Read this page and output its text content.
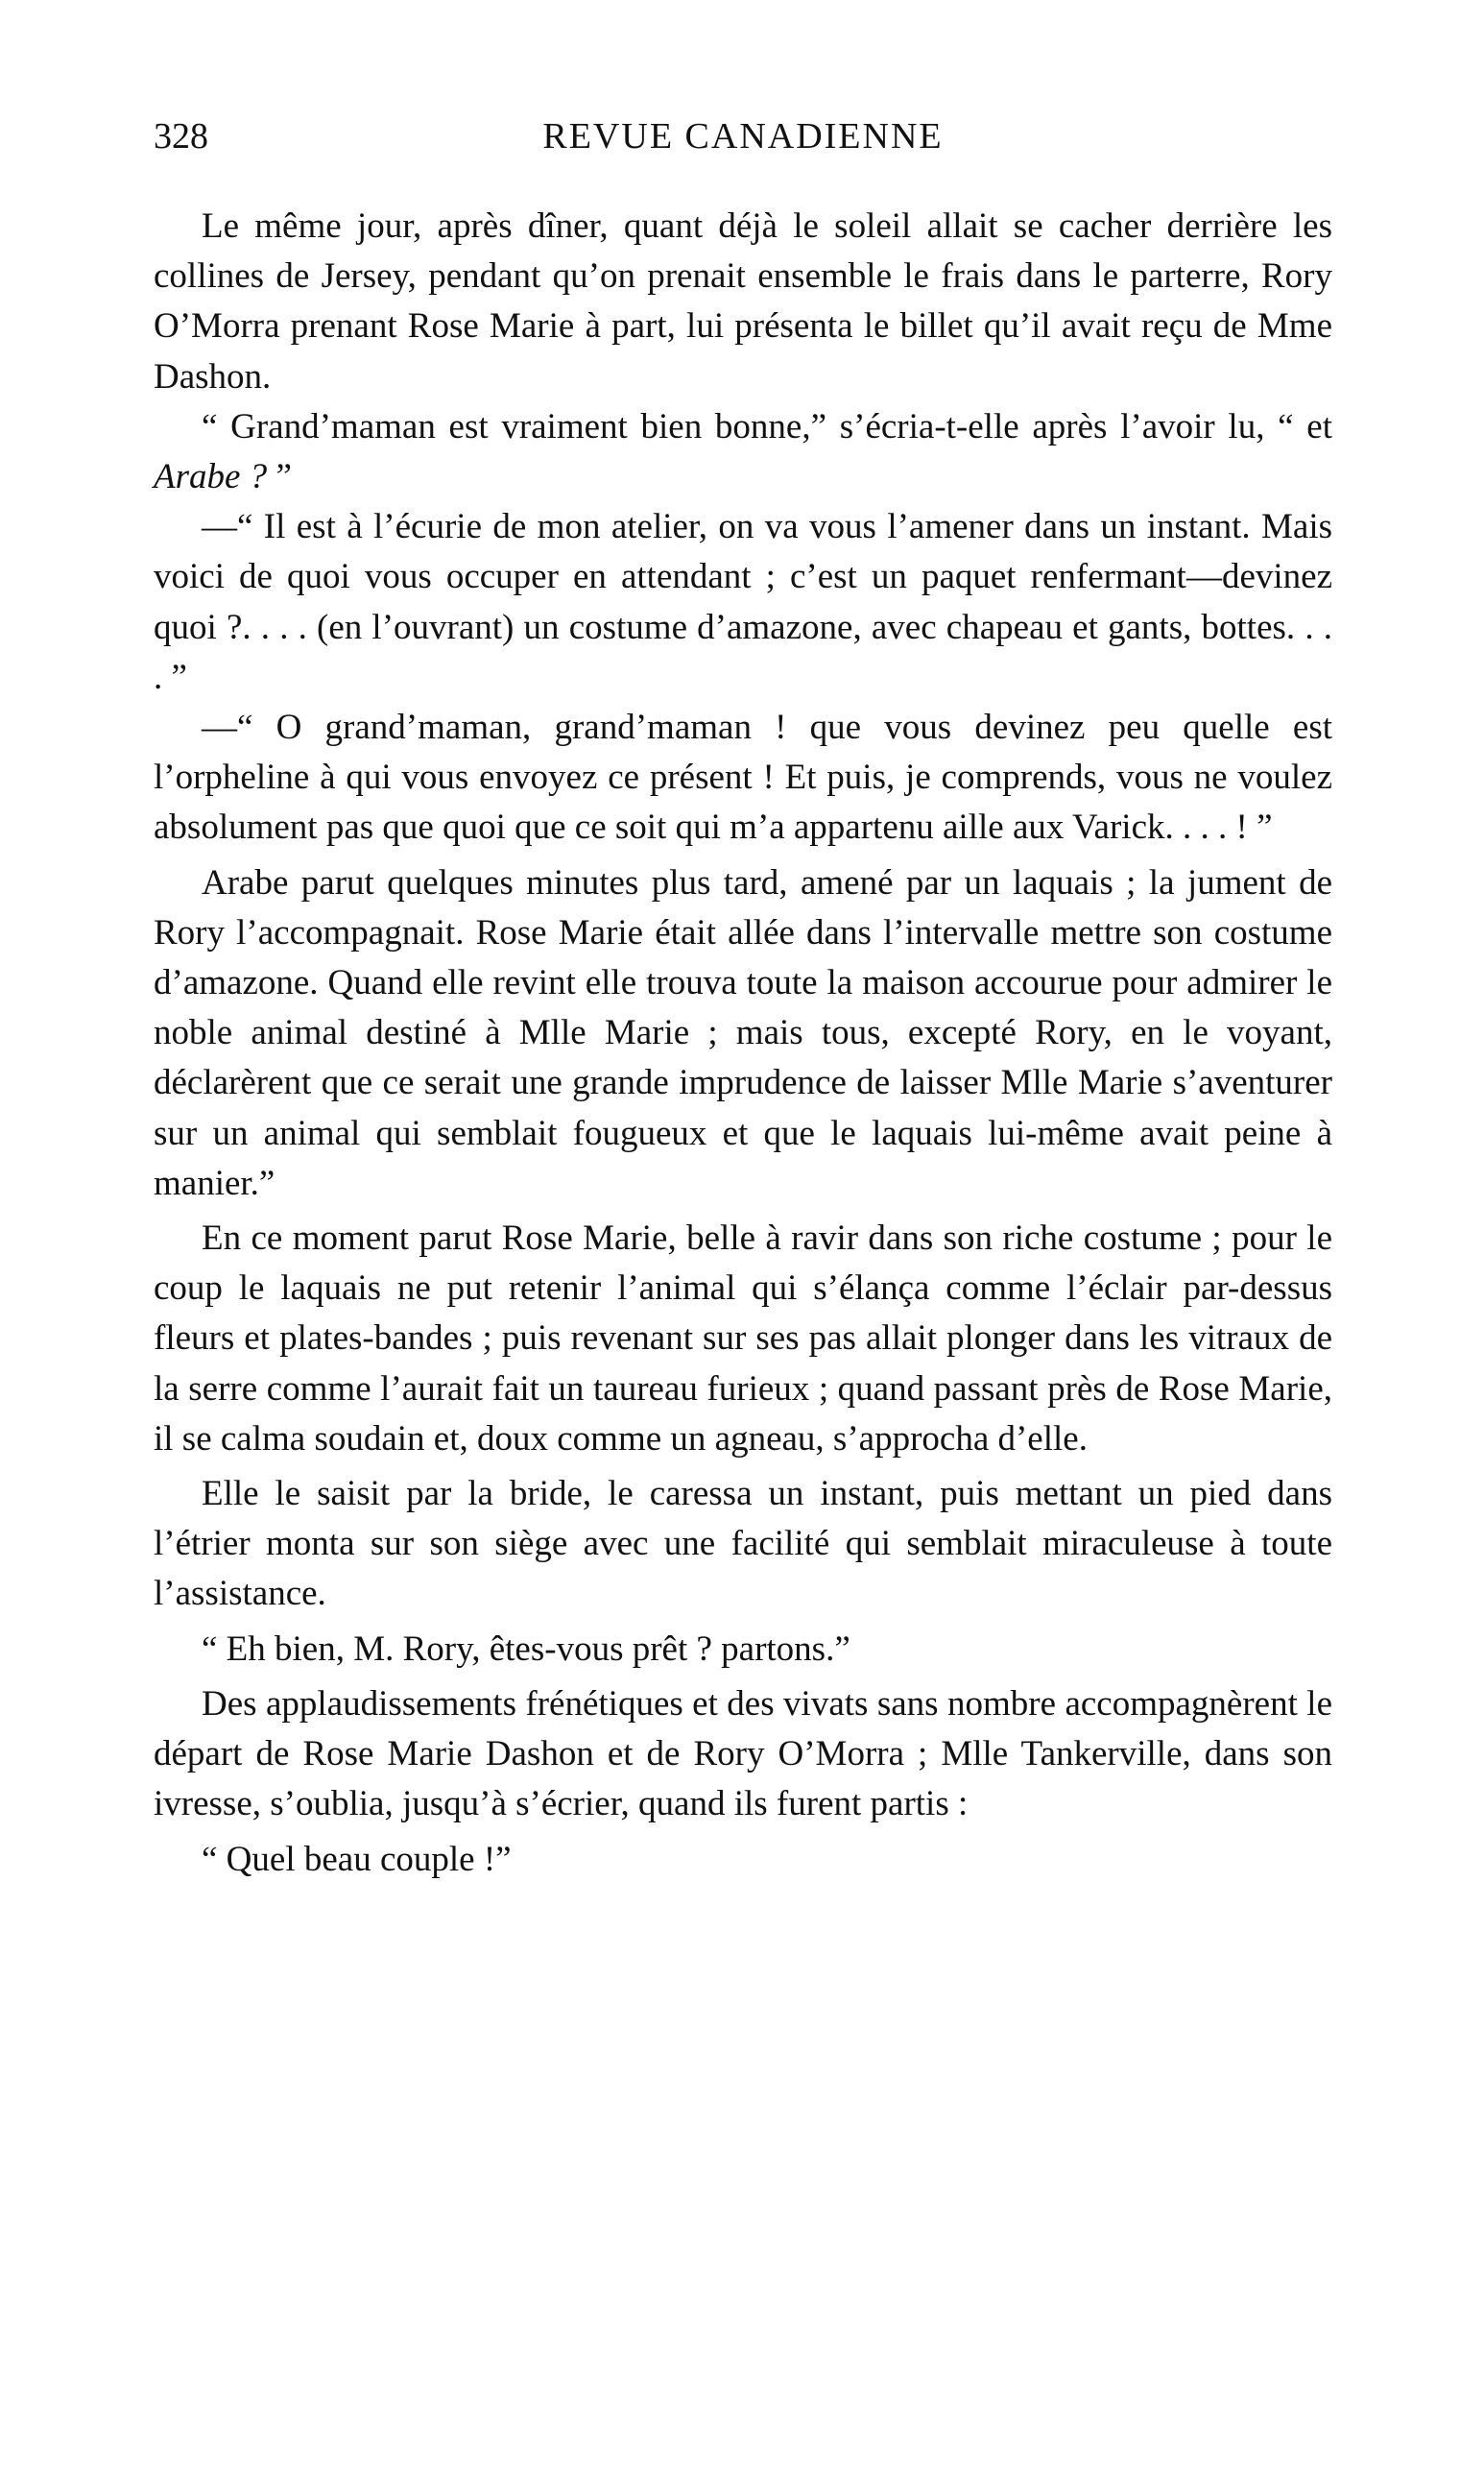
328	REVUE CANADIENNE

Le même jour, après dîner, quant déjà le soleil allait se cacher derrière les collines de Jersey, pendant qu’on prenait ensemble le frais dans le parterre, Rory O’Morra prenant Rose Marie à part, lui présenta le billet qu’il avait reçu de Mme Dashon.

“ Grand’maman est vraiment bien bonne,” s’écria-t-elle après l’avoir lu, “ et Arabe ? ”

—“ Il est à l’écurie de mon atelier, on va vous l’amener dans un instant. Mais voici de quoi vous occuper en attendant ; c’est un paquet renfermant—devinez quoi ?. . . . (en l’ouvrant) un costume d’amazone, avec chapeau et gants, bottes. . . . ”

—“ O grand’maman, grand’maman ! que vous devinez peu quelle est l’orpheline à qui vous envoyez ce présent ! Et puis, je comprends, vous ne voulez absolument pas que quoi que ce soit qui m’a appartenu aille aux Varick. . . . ! ”

Arabe parut quelques minutes plus tard, amené par un laquais ; la jument de Rory l’accompagnait. Rose Marie était allée dans l’intervalle mettre son costume d’amazone. Quand elle revint elle trouva toute la maison accourue pour admirer le noble animal destiné à Mlle Marie ; mais tous, excepté Rory, en le voyant, déclarèrent que ce serait une grande imprudence de laisser Mlle Marie s’aventurer sur un animal qui semblait fougueux et que le laquais lui-même avait peine à manier.”

En ce moment parut Rose Marie, belle à ravir dans son riche costume ; pour le coup le laquais ne put retenir l’animal qui s’élança comme l’éclair par-dessus fleurs et plates-bandes ; puis revenant sur ses pas allait plonger dans les vitraux de la serre comme l’aurait fait un taureau furieux ; quand passant près de Rose Marie, il se calma soudain et, doux comme un agneau, s’approcha d’elle.

Elle le saisit par la bride, le caressa un instant, puis mettant un pied dans l’étrier monta sur son siège avec une facilité qui semblait miraculeuse à toute l’assistance.

“ Eh bien, M. Rory, êtes-vous prêt ? partons.”

Des applaudissements frénétiques et des vivats sans nombre accompagnèrent le départ de Rose Marie Dashon et de Rory O’Morra ; Mlle Tankerville, dans son ivresse, s’oublia, jusqu’à s’écrier, quand ils furent partis :

“ Quel beau couple !”
